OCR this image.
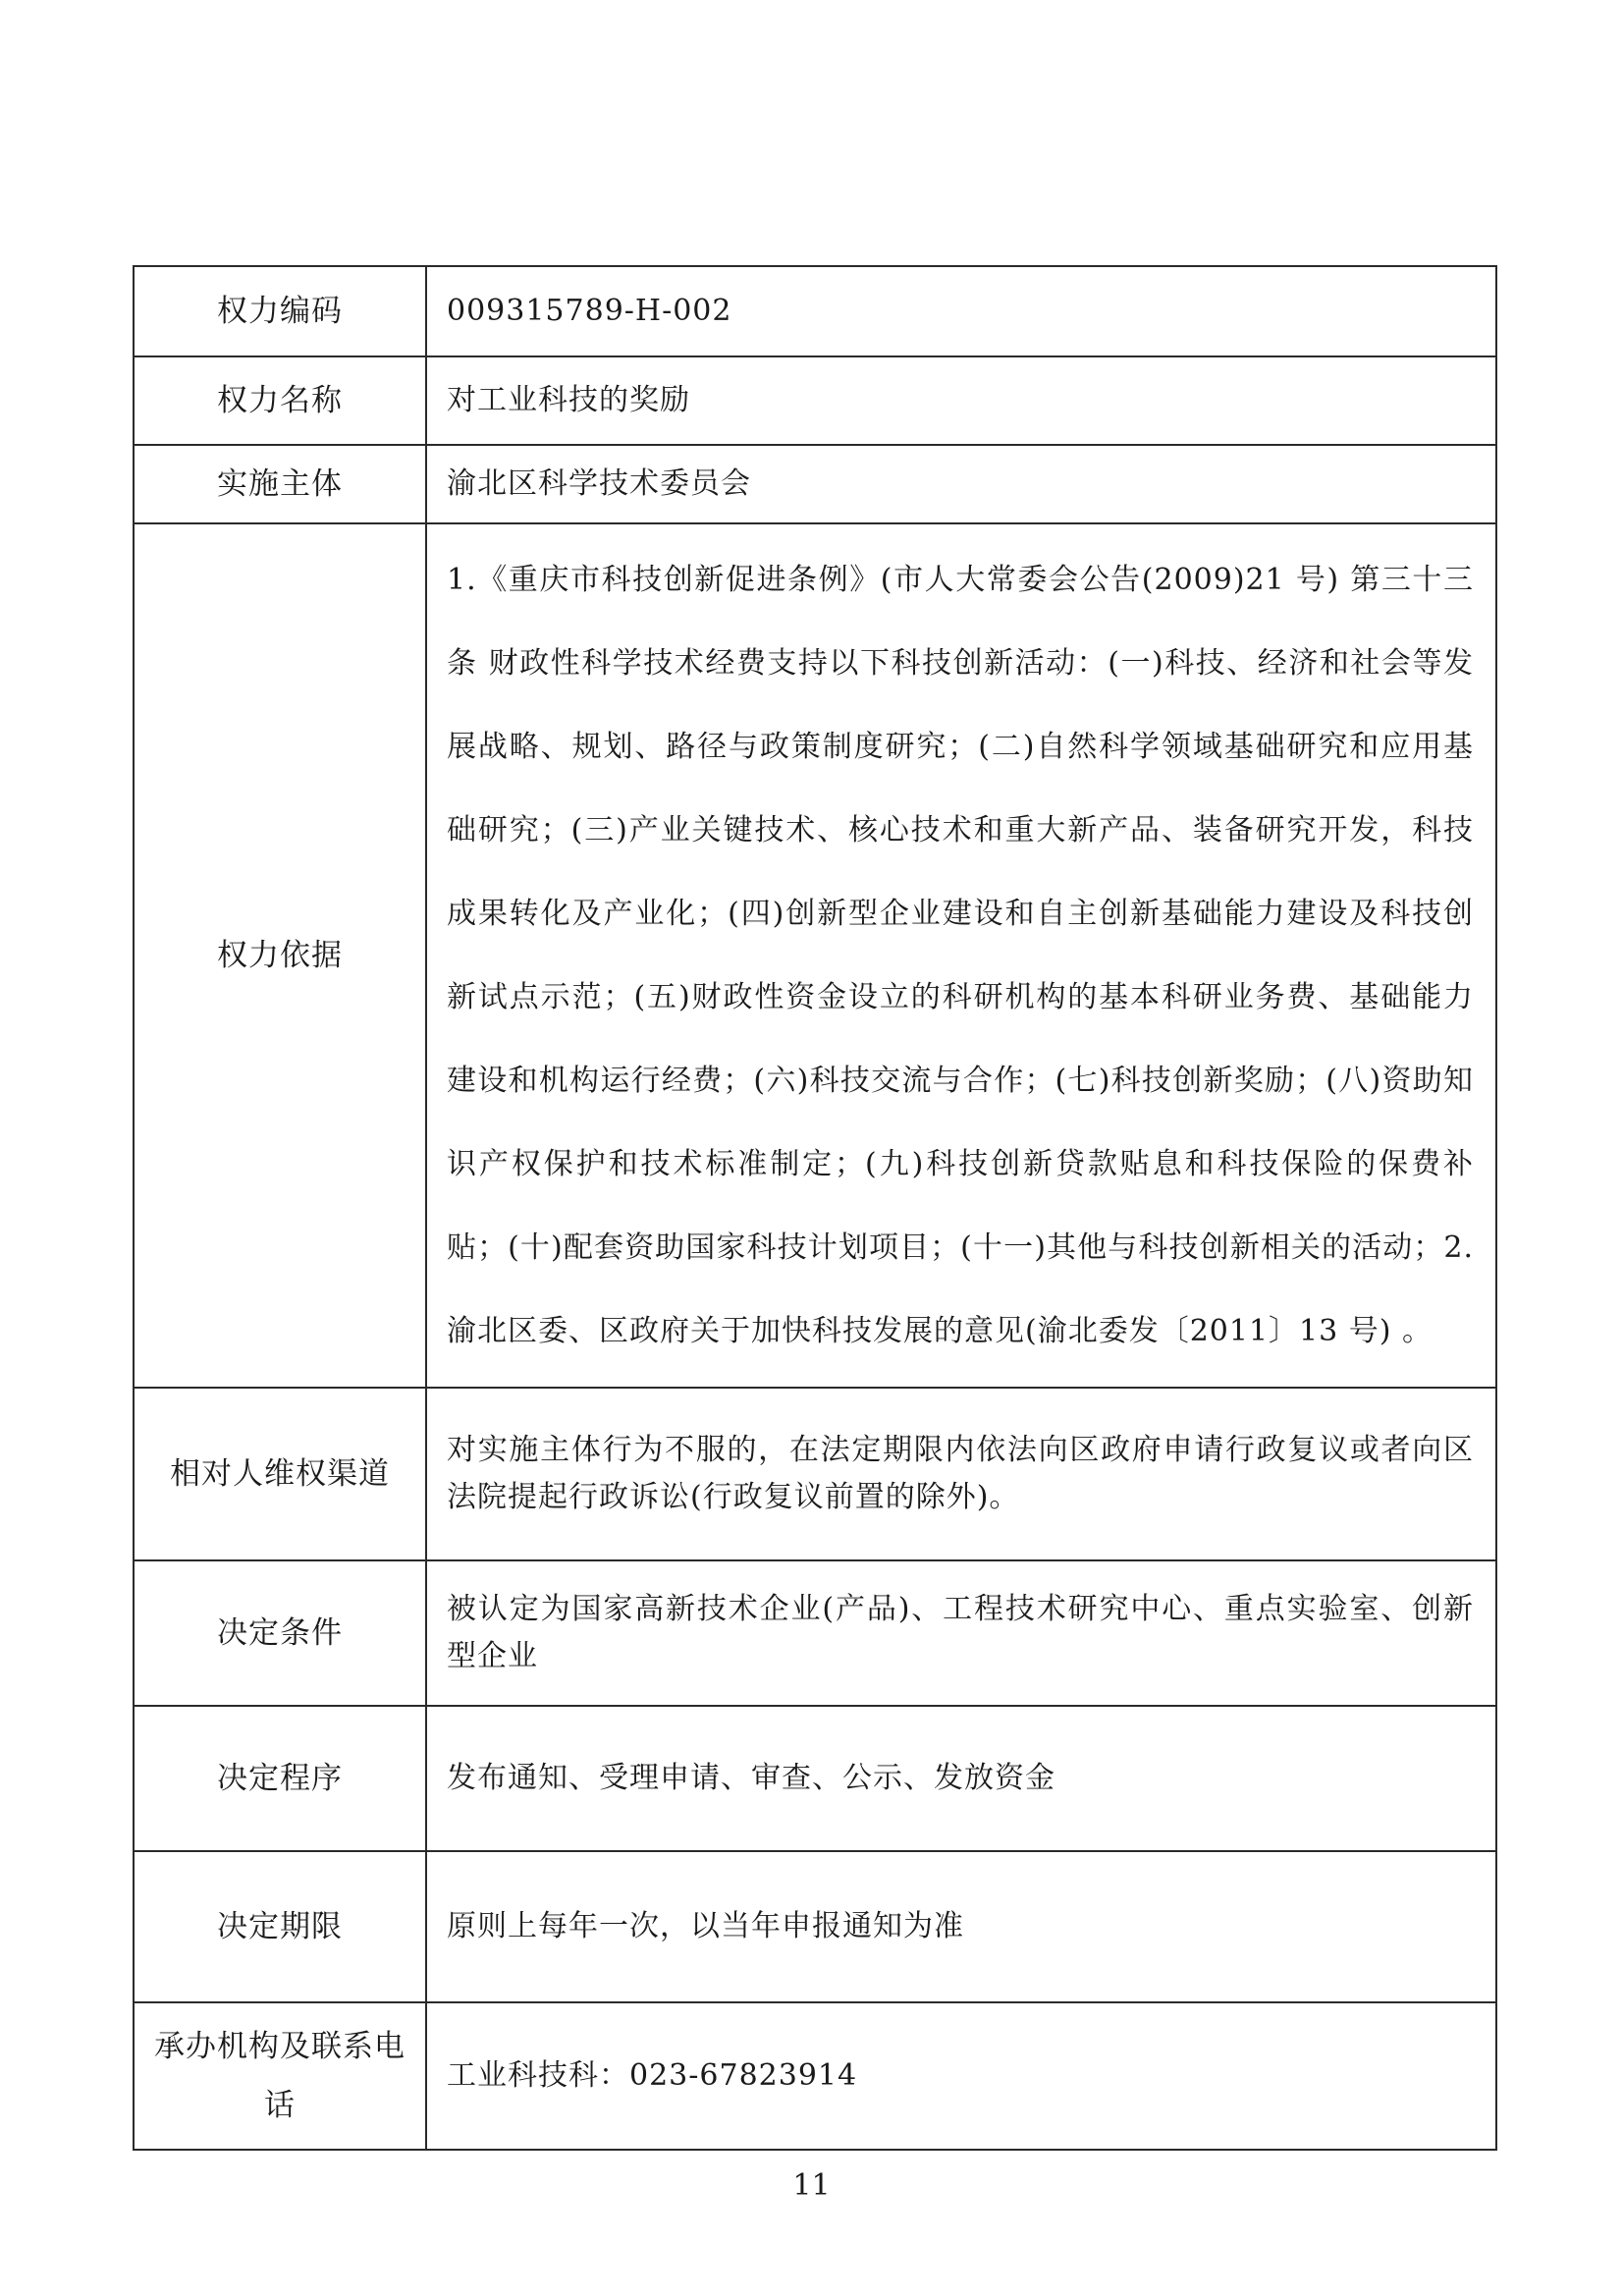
权力编码	009315789-H-002
权力名称	对工业科技的奖励
实施主体	渝北区科学技术委员会
权力依据	1.《重庆市科技创新促进条例》(市人大常委会公告(2009)21 号) 第三十三条 财政性科学技术经费支持以下科技创新活动：(一)科技、经济和社会等发展战略、规划、路径与政策制度研究；(二)自然科学领域基础研究和应用基础研究；(三)产业关键技术、核心技术和重大新产品、装备研究开发，科技成果转化及产业化；(四)创新型企业建设和自主创新基础能力建设及科技创新试点示范；(五)财政性资金设立的科研机构的基本科研业务费、基础能力建设和机构运行经费；(六)科技交流与合作；(七)科技创新奖励；(八)资助知识产权保护和技术标准制定；(九)科技创新贷款贴息和科技保险的保费补贴；(十)配套资助国家科技计划项目；(十一)其他与科技创新相关的活动；2.渝北区委、区政府关于加快科技发展的意见(渝北委发〔2011〕13 号) 。
相对人维权渠道	对实施主体行为不服的，在法定期限内依法向区政府申请行政复议或者向区法院提起行政诉讼(行政复议前置的除外)。
决定条件	被认定为国家高新技术企业(产品)、工程技术研究中心、重点实验室、创新型企业
决定程序	发布通知、受理申请、审查、公示、发放资金
决定期限	原则上每年一次，以当年申报通知为准
承办机构及联系电话	工业科技科：023-67823914
11
